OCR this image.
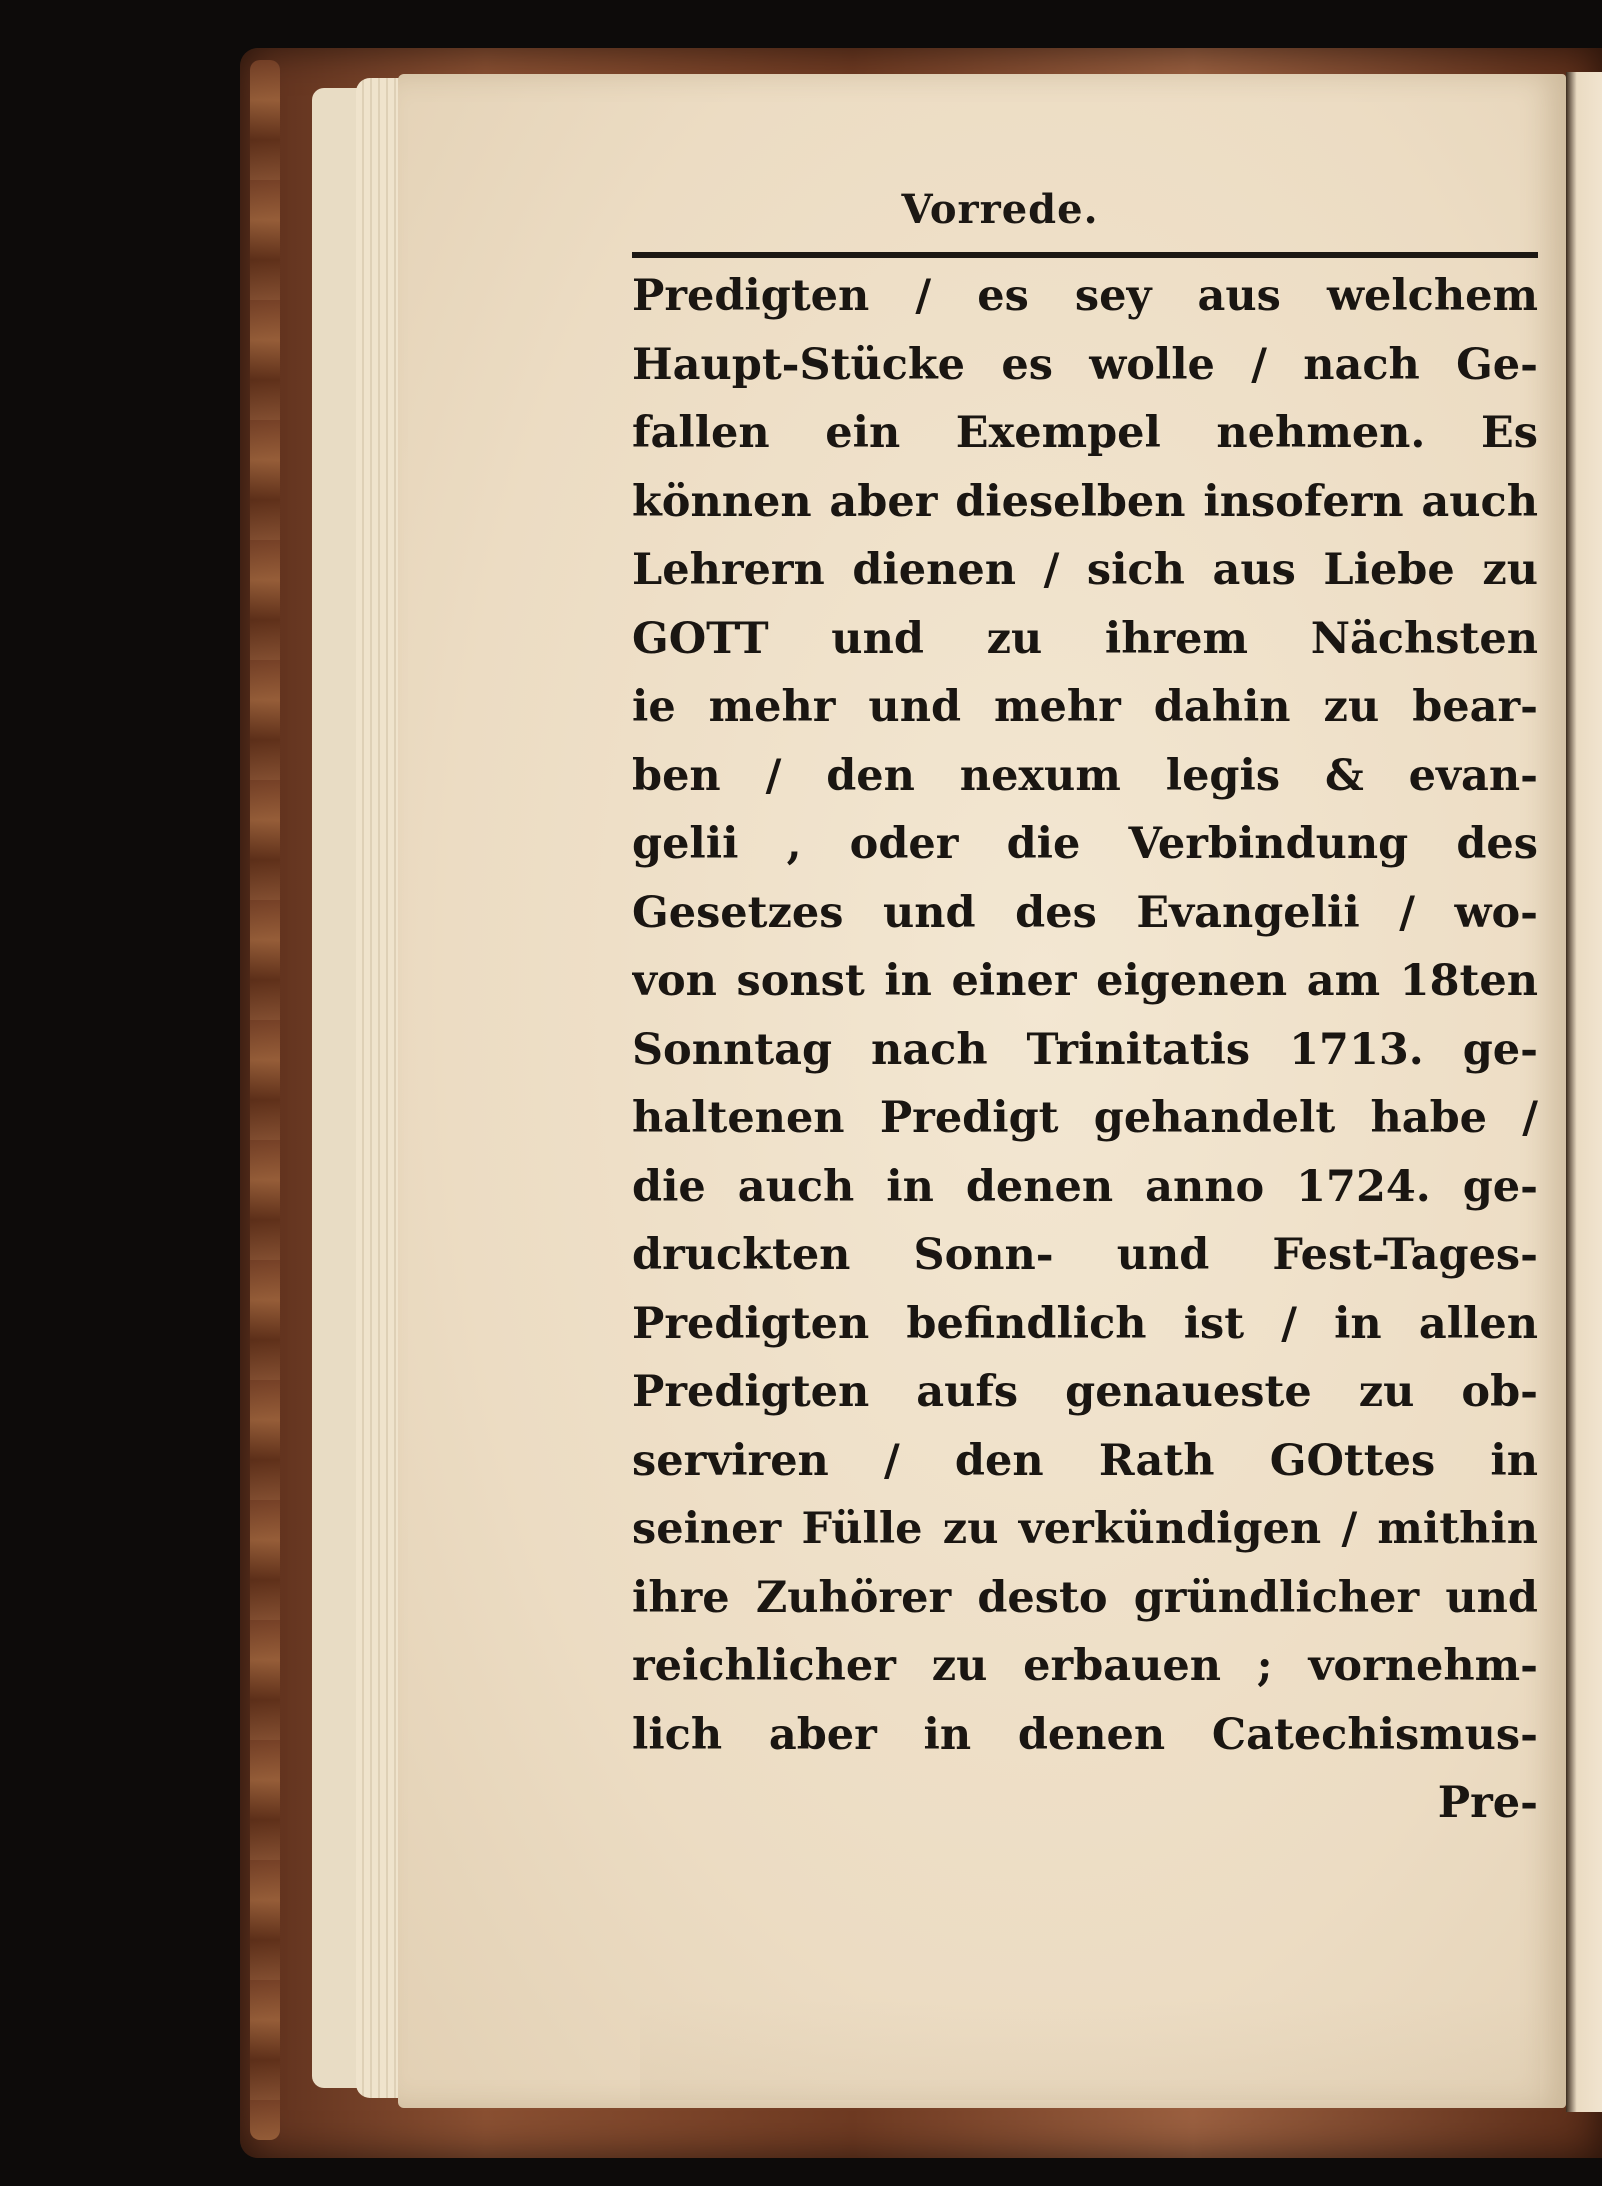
Vorrede.
Predigten / es sey aus welchem
Haupt-Stücke es wolle / nach Ge-
fallen ein Exempel nehmen. Es
können aber dieselben insofern auch
Lehrern dienen / sich aus Liebe zu
GOTT und zu ihrem Nächsten
ie mehr und mehr dahin zu bear-
ben / den nexum legis & evan-
gelii , oder die Verbindung des
Gesetzes und des Evangelii / wo-
von sonst in einer eigenen am 18ten
Sonntag nach Trinitatis 1713. ge-
haltenen Predigt gehandelt habe /
die auch in denen anno 1724. ge-
druckten Sonn- und Fest-Tages-
Predigten befindlich ist / in allen
Predigten aufs genaueste zu ob-
serviren / den Rath GOttes in
seiner Fülle zu verkündigen / mithin
ihre Zuhörer desto gründlicher und
reichlicher zu erbauen ; vornehm-
lich aber in denen Catechismus-
Pre-
